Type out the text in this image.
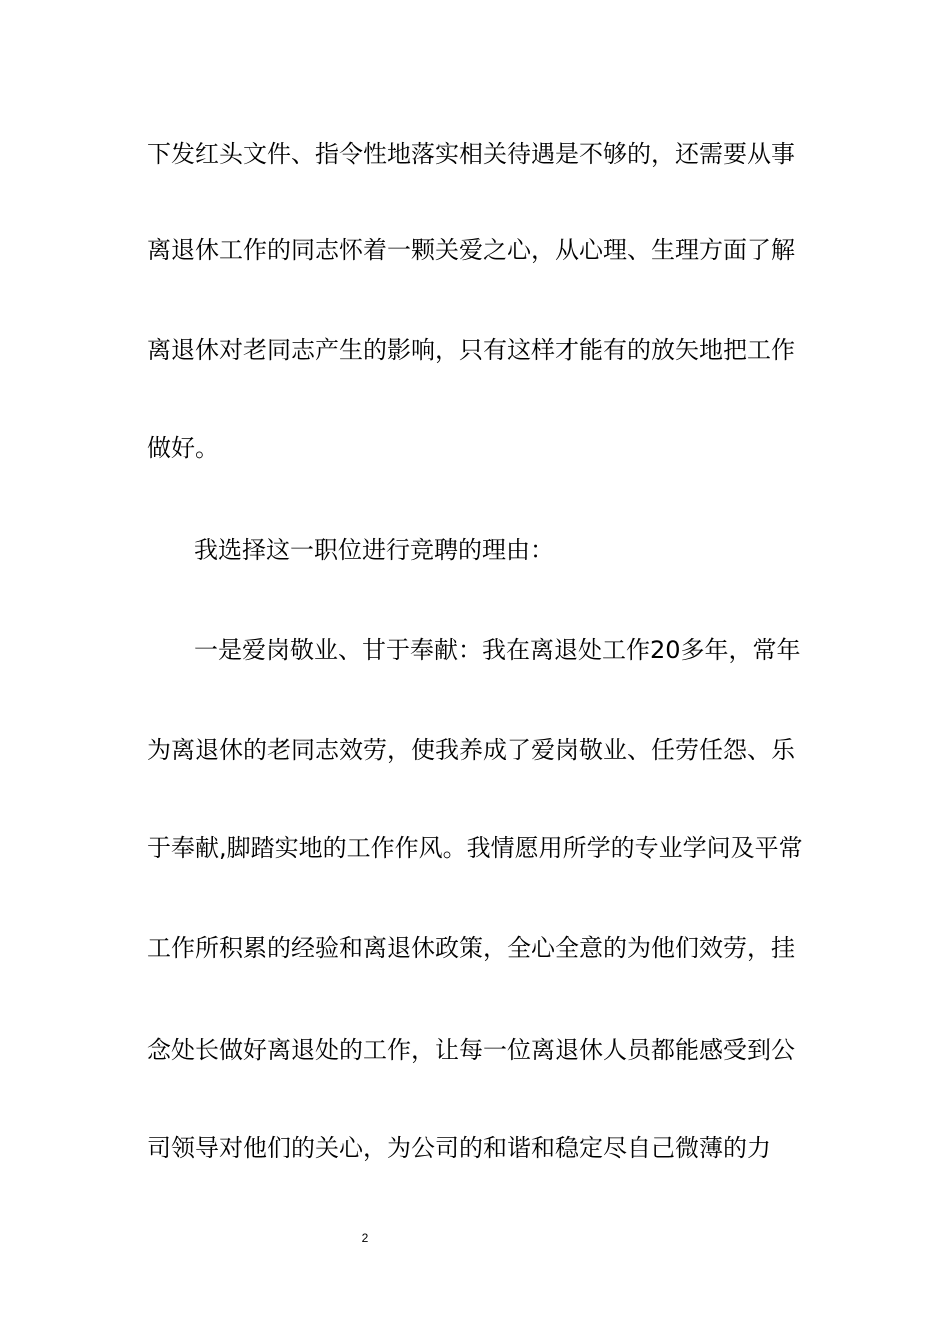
下发红头文件、指令性地落实相关待遇是不够的，还需要从事
离退休工作的同志怀着一颗关爱之心，从心理、生理方面了解
离退休对老同志产生的影响，只有这样才能有的放矢地把工作
做好。
我选择这一职位进行竞聘的理由：
一是爱岗敬业、甘于奉献：我在离退处工作20多年，常年
为离退休的老同志效劳，使我养成了爱岗敬业、任劳任怨、乐
于奉献,脚踏实地的工作作风。我情愿用所学的专业学问及平常
工作所积累的经验和离退休政策，全心全意的为他们效劳，挂
念处长做好离退处的工作，让每一位离退休人员都能感受到公
司领导对他们的关心，为公司的和谐和稳定尽自己微薄的力
2
